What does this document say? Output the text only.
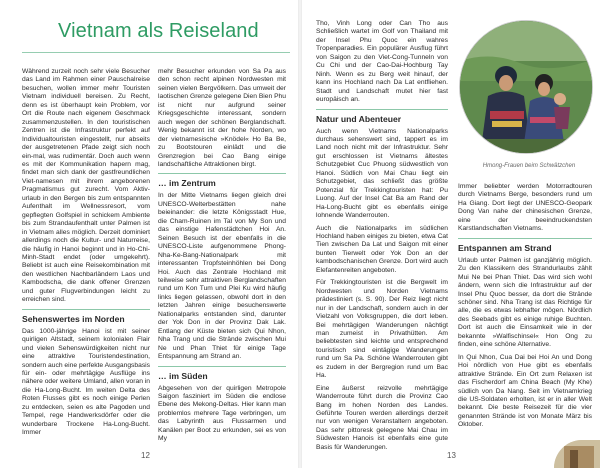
Vietnam als Reiseland

Während zurzeit noch sehr viele Besucher das Land im Rahmen einer Pauschalreise besuchen, wollen immer mehr Touristen Vietnam individuell bereisen. Zu Recht, denn es ist überhaupt kein Problem, vor Ort die Route nach eigenem Geschmack zusammenzustellen. In den touristischen Zentren ist die Infrastruktur perfekt auf Individualtouristen eingestellt, nur abseits der ausgetretenen Pfade zeigt sich noch ein-mal, was rudimentär. Doch auch wenn es mit der Kommunikation hapern mag, findet man sich dank der gastfreundlichen Viet-namesen mit ihrem angeborenen Pragmatismus gut zurecht. Vom Aktiv-urlaub in den Bergen bis zum entspannten Aufenthalt im Wellnessresort, vom gepflegten Golfspiel in schickem Ambiente bis zum Strandaufenthalt unter Palmen ist in Vietnam alles möglich. Derzeit dominiert allerdings noch die Kultur- und Naturreise, die häufig in Hanoi beginnt und in Ho-Chi-Minh-Stadt endet (oder umgekehrt). Beliebt ist auch eine Reisekombination mit den westlichen Nachbarländern Laos und Kambodscha, die dank offener Grenzen und guter Flugverbindungen leicht zu erreichen sind.

Sehenswertes im Norden

Das 1000-jährige Hanoi ist mit seiner quirligen Altstadt, seinem kolonialen Flair und vielen Sehenswürdigkeiten nicht nur eine attraktive Touristendestination, sondern auch eine perfekte Ausgangsbasis für ein- oder mehrtägige Ausflüge ins nähere oder weitere Umland, allen voran in die Ha-Long-Bucht. Im weiten Delta des Roten Flusses gibt es noch einige Perlen zu entdecken, seien es alte Pagoden und Tempel, rege Handwerksdörfer oder die wunderbare Trockene Ha-Long-Bucht. Immer

mehr Besucher erkunden von Sa Pa aus den schon recht alpinen Nordwesten mit seinen vielen Bergvölkern. Das umweit der laotischen Grenze gelegene Dien Bien Phu ist nicht nur aufgrund seiner Kriegsgeschichte interessant, sondern auch wegen der schönen Berglandschaft. Wenig bekannt ist der hohe Norden, wo der vietnamesische »Knödel« Ho Ba Be, zu Bootstouren einlädt und die Grenzregion bei Cao Bang einige landschaftliche Attraktionen birgt.

… im Zentrum

In der Mitte Vietnams liegen gleich drei UNESCO-Welterbestätten nahe beieinander: die letzte Königsstadt Hue, die Cham-Ruinen im Tal von My Son und das einstige Hafenstädtchen Hoi An. Seinen Besuch ist der ebenfalls in die UNESCO-Liste aufgenommene Phong-Nha-Ke-Bang-Nationalpark mit interessanten Tropfsteinhöhlen bei Dong Hoi. Auch das Zentrale Hochland mit teilweise sehr attraktiven Berglandschaften rund um Kon Tum und Plei Ku wird häufig links liegen gelassen, obwohl dort in den letzten Jahren einige besuchenswerte Nationalparks entstanden sind, darunter der Yok Don in der Provinz Dak Lak. Entlang der Küste bieten sich Qui Nhon, Nha Trang und die Strände zwischen Mui Ne und Phan Thiet für einige Tage Entspannung am Strand an.

… im Süden

Abgesehen von der quirligen Metropole Saigon fasziniert im Süden die endlose Ebene des Mekong-Deltas. Hier kann man problemlos mehrere Tage verbringen, um das Labyrinth aus Flussarmen und Kanälen per Boot zu erkunden, sei es von My

12

Tho, Vinh Long oder Can Tho aus Schließlich wartet im Golf von Thailand mit der Insel Phu Quoc ein wahres Tropenparadies. Ein populärer Ausflug führt von Saigon zu den Viet-Cong-Tunneln von Cu Chi und der Cao-Dai-Hochburg Tay Ninh. Wenn es zu Berg weit hinauf, der kann ins Hochland nach Da Lat entfliehen. Stadt und Landschaft mutet hier fast europäisch an.

Natur und Abenteuer

Auch wenn Vietnams Nationalparks durchaus sehenswert sind, tappert es im Land noch nicht mit der Infrastruktur. Sehr gut erschlossen ist Vietnams ältestes Schutzgebiet Cuc Phuong südwestlich von Hanoi. Südlich von Mai Chau liegt ein Schutzgebiet, das schließt das größte Potenzial für Trekkingtouristen hat: Pu Luong. Auf der Insel Cat Ba am Rand der Ha-Long-Bucht gibt es ebenfalls einige lohnende Wanderrouten.

Auch die Nationalparks im südlichen Hochland haben einiges zu bieten, etwa Cat Tien zwischen Da Lat und Saigon mit einer bunten Tierwelt oder Yok Don an der kambodschanischen Grenze. Dort wird auch Elefantenreiten angeboten.

Für Trekkingtouristen ist die Bergwelt im Nordwesten und Norden Vietnams prädestiniert (s. S. 90). Der Reiz liegt nicht nur in der Landschaft, sondern auch in der Vielzahl von Volksgruppen, die dort leben. Bei mehrtägigen Wanderungen nächtigt man zumeist in Privathütten. Am beliebtesten sind leichte und entsprechend touristisch sind eintägige Wanderungen rund um Sa Pa. Schöne Wanderrouten gibt es zudem in der Bergregion rund um Bac Ha.

Eine äußerst reizvolle mehrtägige Wanderroute führt durch die Provinz Cao Bang im hohen Norden des Landes. Geführte Touren werden allerdings derzeit nur von wenigen Veranstaltern angeboten. Das sehr pittoresk gelegene Mai Chau im Südwesten Hanois ist ebenfalls eine gute Basis für Wanderungen.

Immer beliebter werden Motorradtouren durch Vietnams Berge, besonders rund um Ha Giang. Dort liegt der UNESCO-Geopark Dong Van nahe der chinesischen Grenze, eine der beeindruckendsten Karstlandschaften Vietnams.

Entspannen am Strand

Urlaub unter Palmen ist ganzjährig möglich. Zu den Klassikern des Strandurlaubs zählt Mui Ne bei Phan Thiet. Das wird sich wohl ändern, wenn sich die Infrastruktur auf der Insel Phu Quoc besser, da dort die Strände schöner sind. Nha Trang ist das Richtige für alle, die es etwas lebhafter mögen. Nördlich des Seebads gibt es einige ruhige Buchten. Dort ist auch die Einsamkeit wie in der bekannte »Walfischinsel« Hon Ong zu finden, eine schöne Alternative.

In Qui Nhon, Cua Dai bei Hoi An und Dong Hoi nördlich von Hue gibt es ebenfalls attraktive Strände. Ein Ort zum Relaxen ist das Fischerdorf am China Beach (My Khe) südlich von Da Nang. Seit im Vietnamkrieg die US-Soldaten erholten, ist er in aller Welt bekannt. Die beste Reisezeit für die vier genannten Strände ist von Monate März bis Oktober.

13
Hmong-Frauen beim Schwätzchen
